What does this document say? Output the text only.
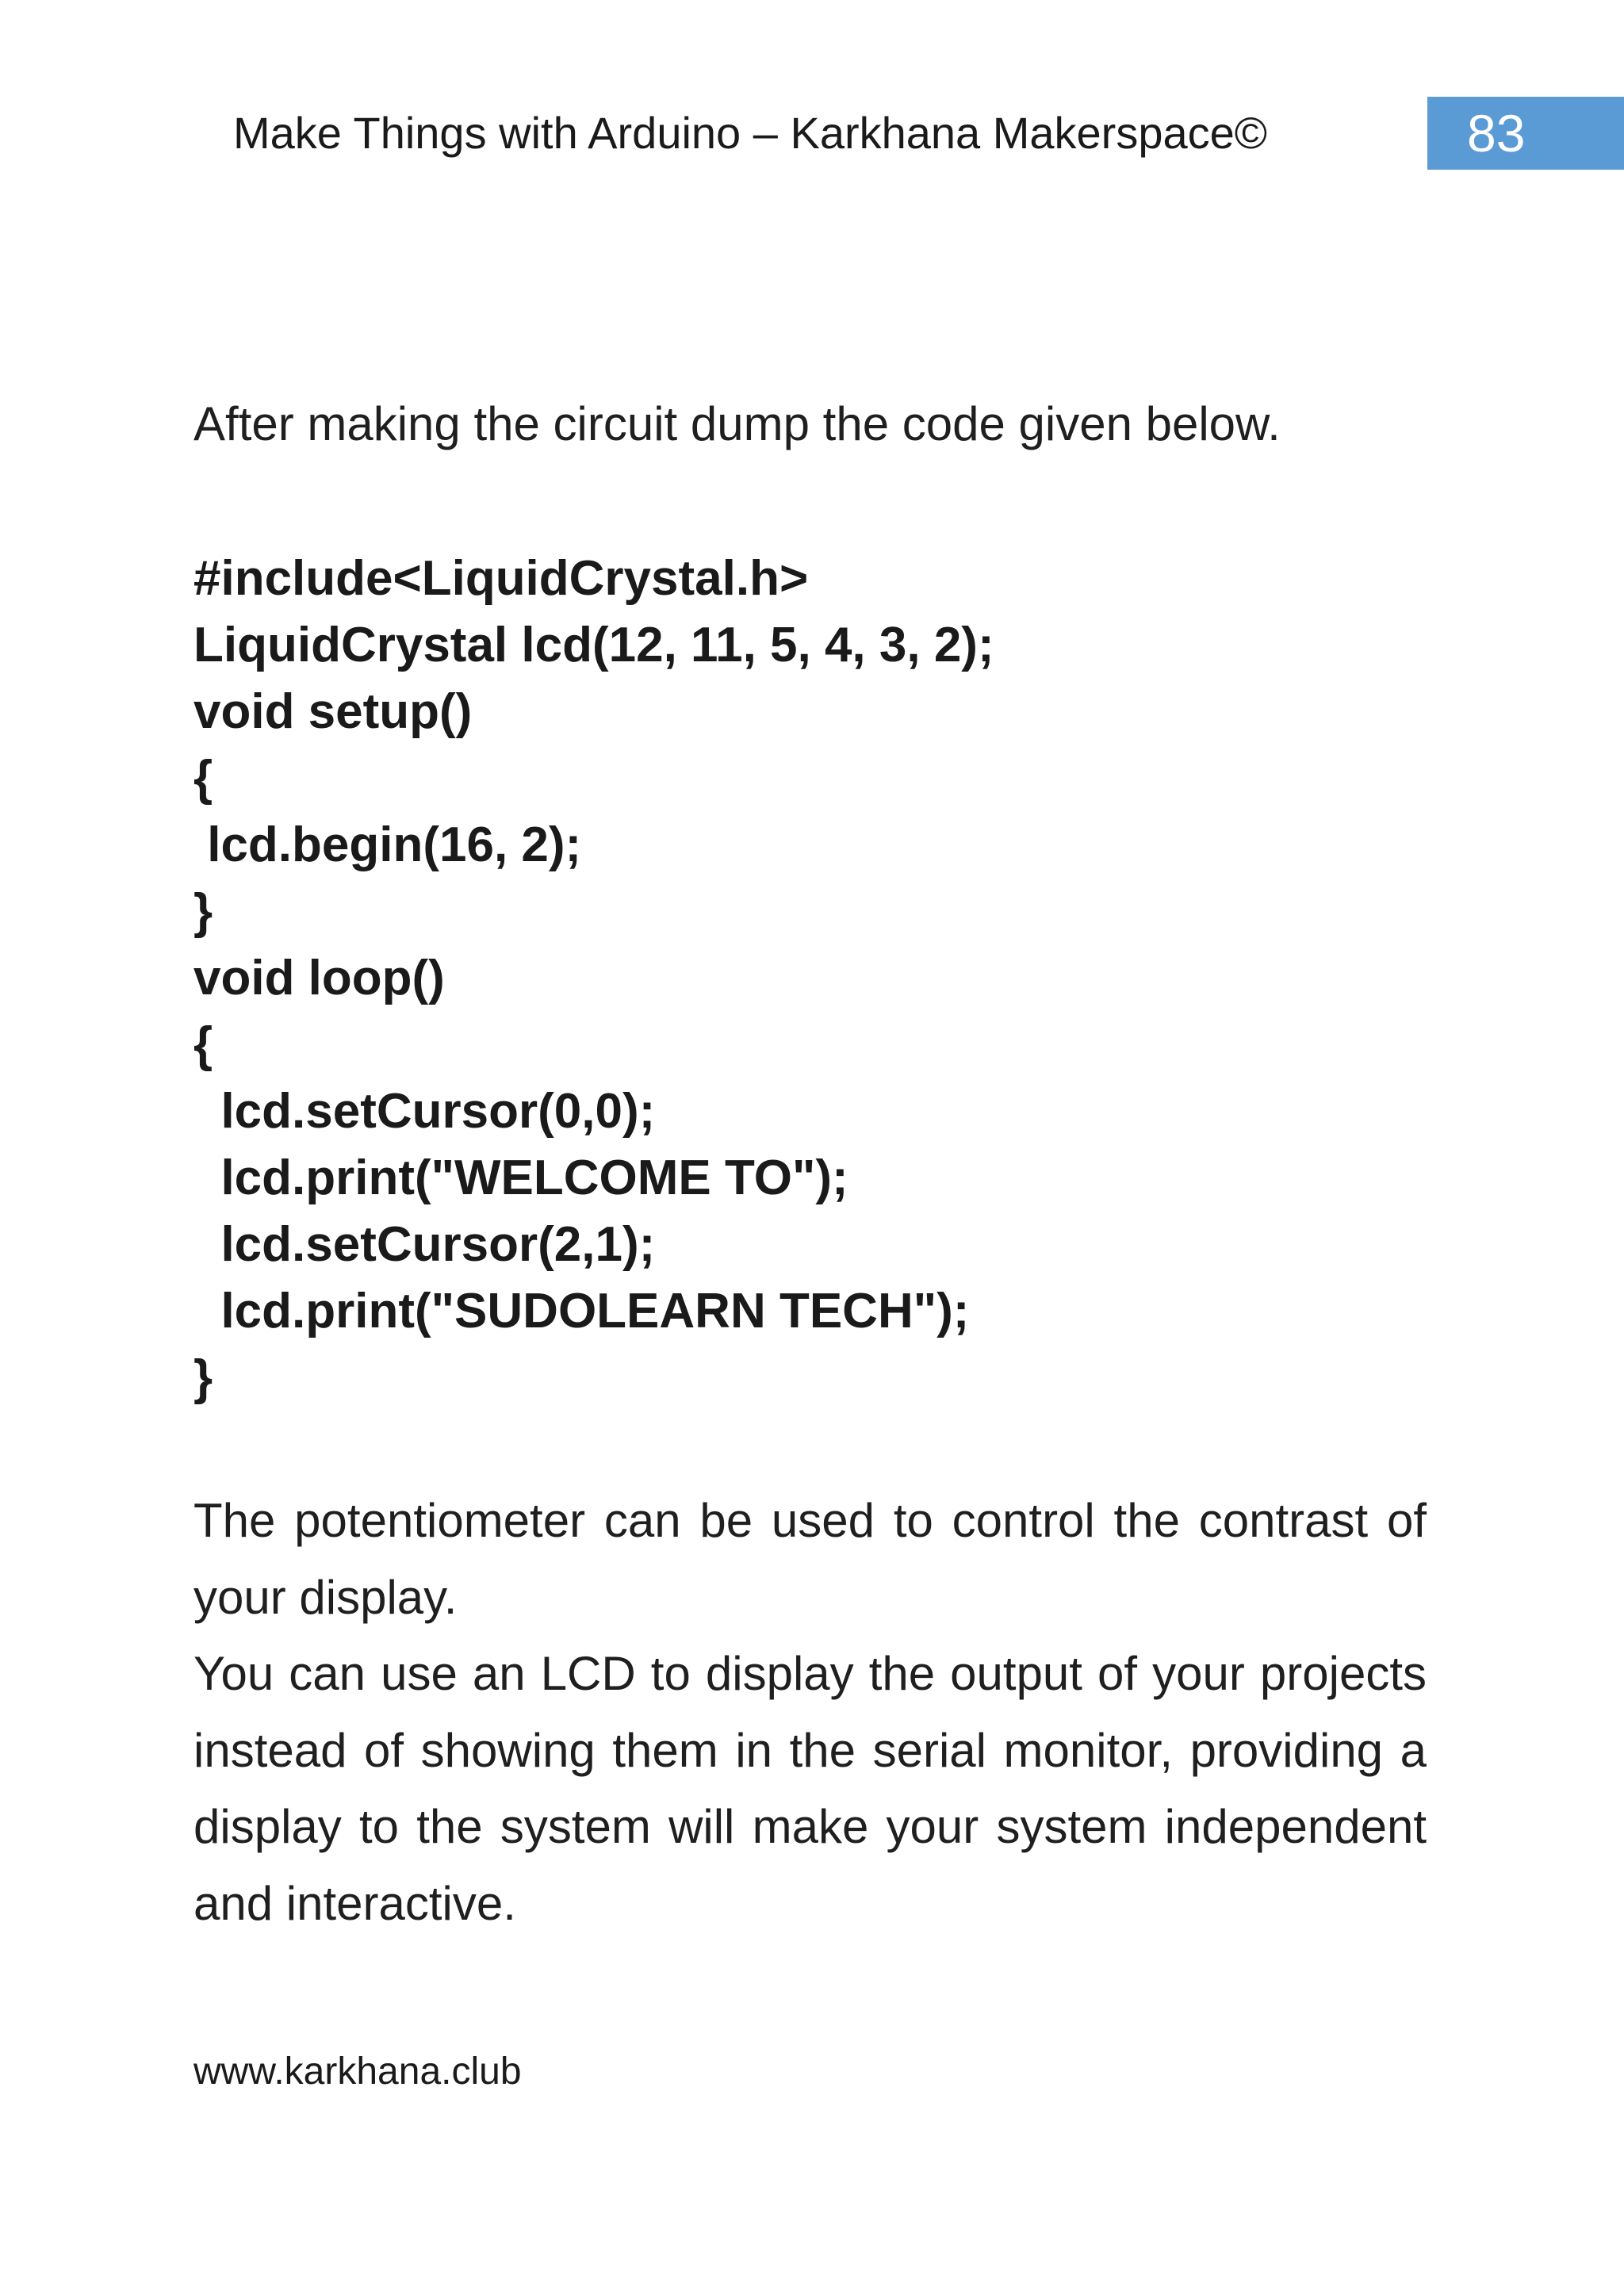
Make Things with Arduino – Karkhana Makerspace©	83
After making the circuit dump the code given below.
#include<LiquidCrystal.h>
LiquidCrystal lcd(12, 11, 5, 4, 3, 2);
void setup()
{
lcd.begin(16, 2);
}
void loop()
{
lcd.setCursor(0,0);
lcd.print("WELCOME TO");
lcd.setCursor(2,1);
lcd.print("SUDOLEARN TECH");
}

The potentiometer can be used to control the contrast of your display.

You can use an LCD to display the output of your projects instead of showing them in the serial monitor, providing a display to the system will make your system independent and interactive.

www.karkhana.club
